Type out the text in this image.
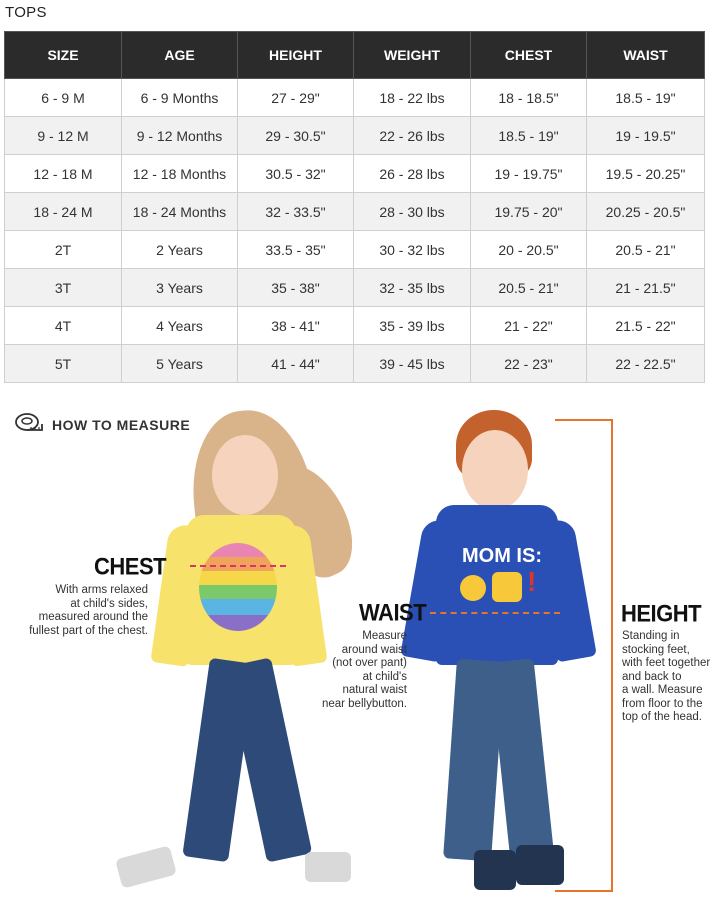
TOPS
SIZE	AGE	HEIGHT	WEIGHT	CHEST	WAIST
6 - 9 M	6 - 9 Months	27 - 29"	18 - 22 lbs	18 - 18.5"	18.5 - 19"
9 - 12 M	9 - 12 Months	29 - 30.5"	22 - 26 lbs	18.5 - 19"	19 - 19.5"
12 - 18 M	12 - 18 Months	30.5 - 32"	26 - 28 lbs	19 - 19.75"	19.5 - 20.25"
18 - 24 M	18 - 24 Months	32 - 33.5"	28 - 30 lbs	19.75 - 20"	20.25 - 20.5"
2T	2 Years	33.5 - 35"	30 - 32 lbs	20 - 20.5"	20.5 - 21"
3T	3 Years	35 - 38"	32 - 35 lbs	20.5 - 21"	21 - 21.5"
4T	4 Years	38 - 41"	35 - 39 lbs	21 - 22"	21.5 - 22"
5T	5 Years	41 - 44"	39 - 45 lbs	22 - 23"	22 - 22.5"
HOW TO MEASURE
MOM IS:
!
CHEST
With arms relaxed
at child's sides,
measured around the
fullest part of the chest.
WAIST
Measure
around waist
(not over pant)
at child's
natural waist
near bellybutton.
HEIGHT
Standing in
stocking feet,
with feet together
and back to
a wall. Measure
from floor to the
top of the head.
